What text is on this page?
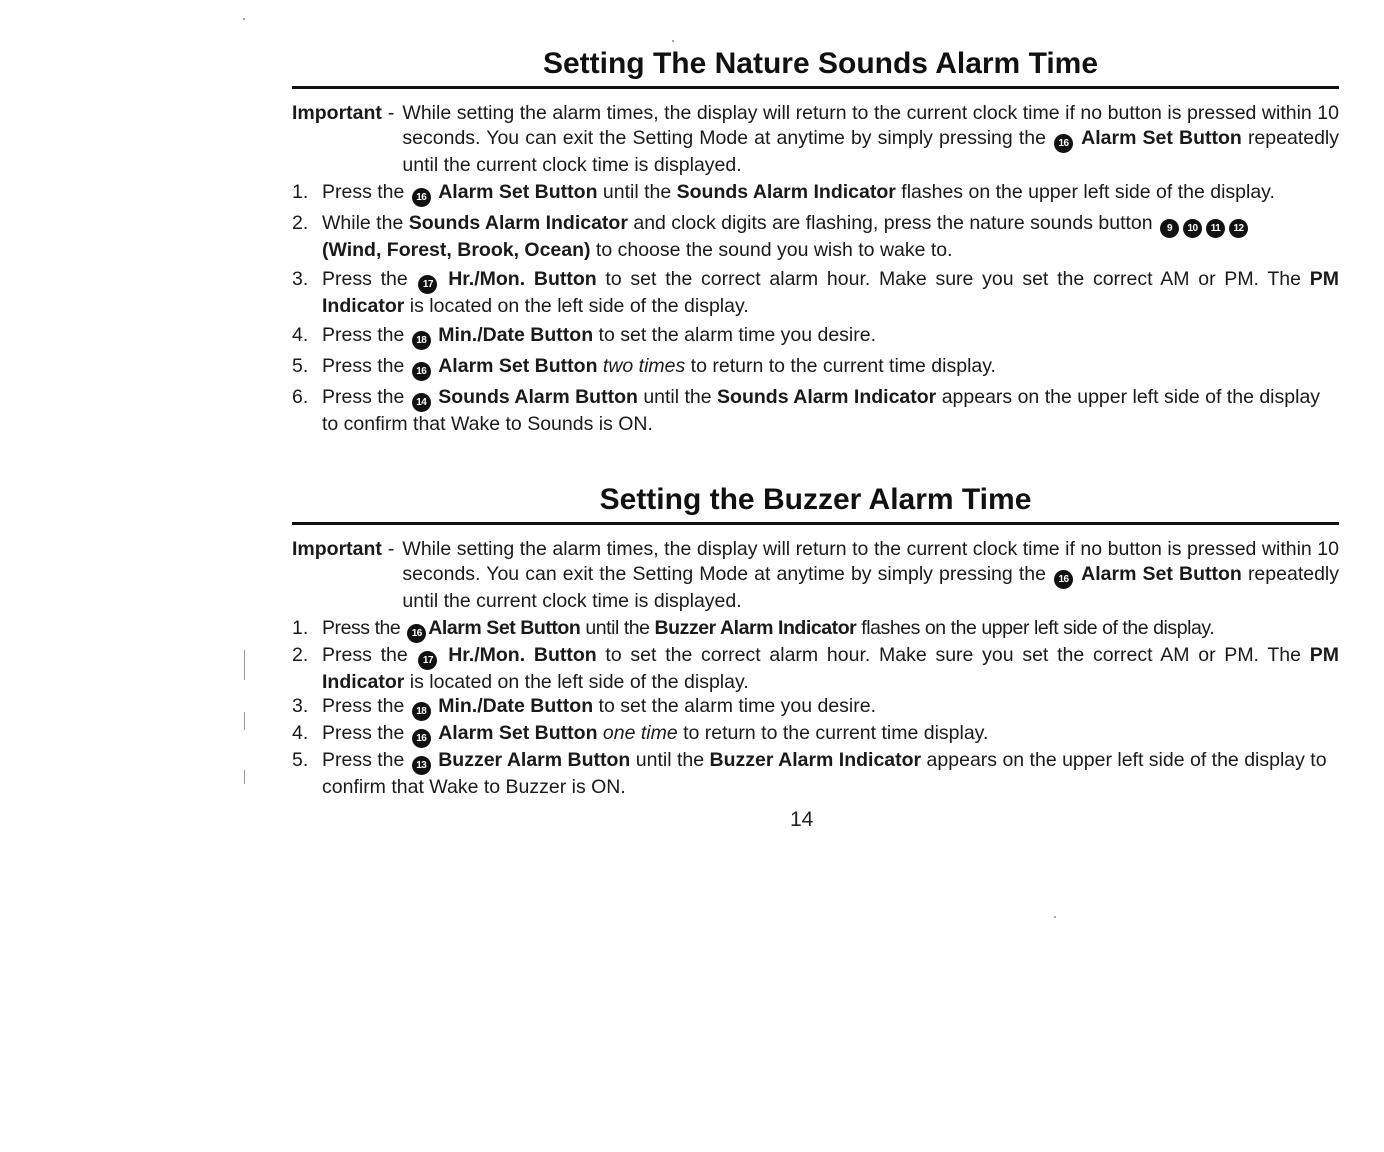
Setting The Nature Sounds Alarm Time
Important - While setting the alarm times, the display will return to the current clock time if no button is pressed within 10 seconds. You can exit the Setting Mode at anytime by simply pressing the 16 Alarm Set Button repeatedly until the current clock time is displayed.
1. Press the 16 Alarm Set Button until the Sounds Alarm Indicator flashes on the upper left side of the display.
2. While the Sounds Alarm Indicator and clock digits are flashing, press the nature sounds button 9 10 11 12
(Wind, Forest, Brook, Ocean) to choose the sound you wish to wake to.
3. Press the 17 Hr./Mon. Button to set the correct alarm hour. Make sure you set the correct AM or PM. The PM Indicator is located on the left side of the display.
4. Press the 18 Min./Date Button to set the alarm time you desire.
5. Press the 16 Alarm Set Button two times to return to the current time display.
6. Press the 14 Sounds Alarm Button until the Sounds Alarm Indicator appears on the upper left side of the display to confirm that Wake to Sounds is ON.
Setting the Buzzer Alarm Time
Important - While setting the alarm times, the display will return to the current clock time if no button is pressed within 10 seconds. You can exit the Setting Mode at anytime by simply pressing the 16 Alarm Set Button repeatedly until the current clock time is displayed.
1. Press the 16 Alarm Set Button until the Buzzer Alarm Indicator flashes on the upper left side of the display.
2. Press the 17 Hr./Mon. Button to set the correct alarm hour. Make sure you set the correct AM or PM. The PM Indicator is located on the left side of the display.
3. Press the 18 Min./Date Button to set the alarm time you desire.
4. Press the 16 Alarm Set Button one time to return to the current time display.
5. Press the 13 Buzzer Alarm Button until the Buzzer Alarm Indicator appears on the upper left side of the display to confirm that Wake to Buzzer is ON.
14
